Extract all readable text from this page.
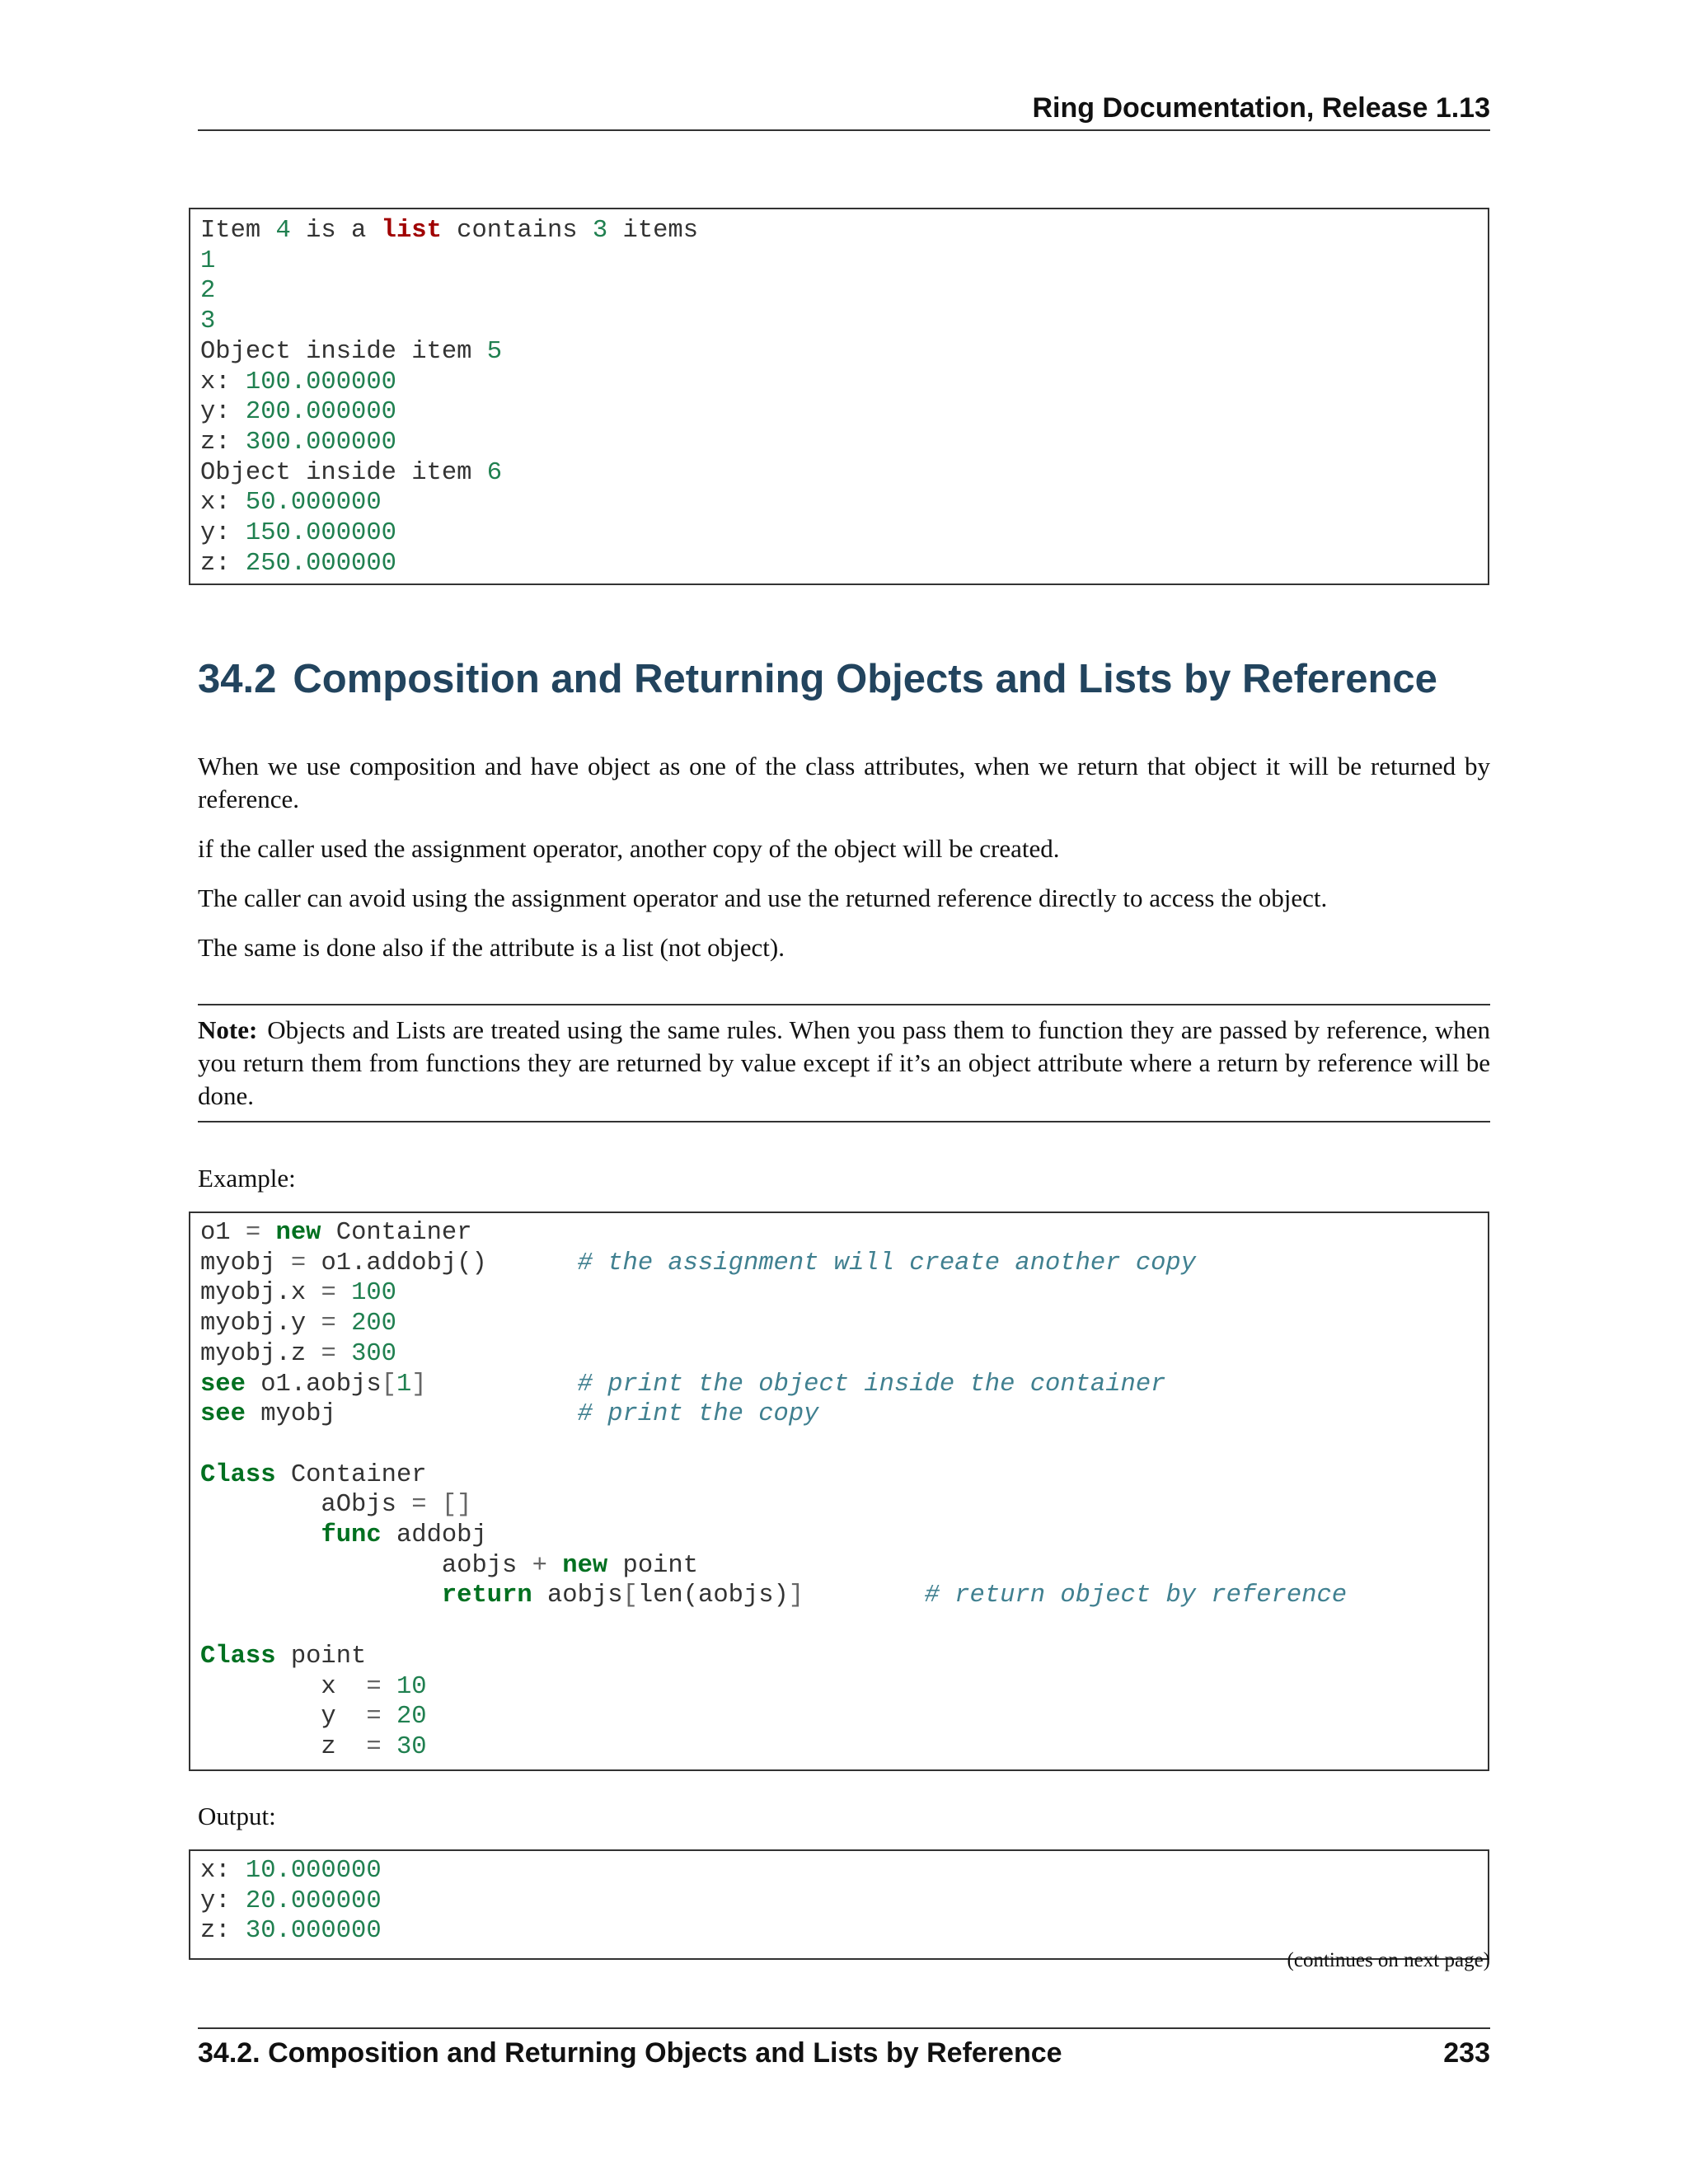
Ring Documentation, Release 1.13
Item 4 is a list contains 3 items
1
2
3
Object inside item 5
x: 100.000000
y: 200.000000
z: 300.000000
Object inside item 6
x: 50.000000
y: 150.000000
z: 250.000000
34.2 Composition and Returning Objects and Lists by Reference

When we use composition and have object as one of the class attributes, when we return that object it will be returned by reference.

if the caller used the assignment operator, another copy of the object will be created.

The caller can avoid using the assignment operator and use the returned reference directly to access the object.

The same is done also if the attribute is a list (not object).

Note: Objects and Lists are treated using the same rules. When you pass them to function they are passed by reference, when you return them from functions they are returned by value except if it’s an object attribute where a return by reference will be done.

Example:

o1 = new Container
myobj = o1.addobj()      # the assignment will create another copy
myobj.x = 100
myobj.y = 200
myobj.z = 300
see o1.aobjs[1]	# print the object inside the container
see myobj                # print the copy

Class Container
aObjs = []
func addobj
aobjs + new point
return aobjs[len(aobjs)]	# return object by reference

Class point
x  = 10
y  = 20
z  = 30

Output:

x: 10.000000
y: 20.000000
z: 30.000000
(continues on next page)
34.2. Composition and Returning Objects and Lists by Reference	233
